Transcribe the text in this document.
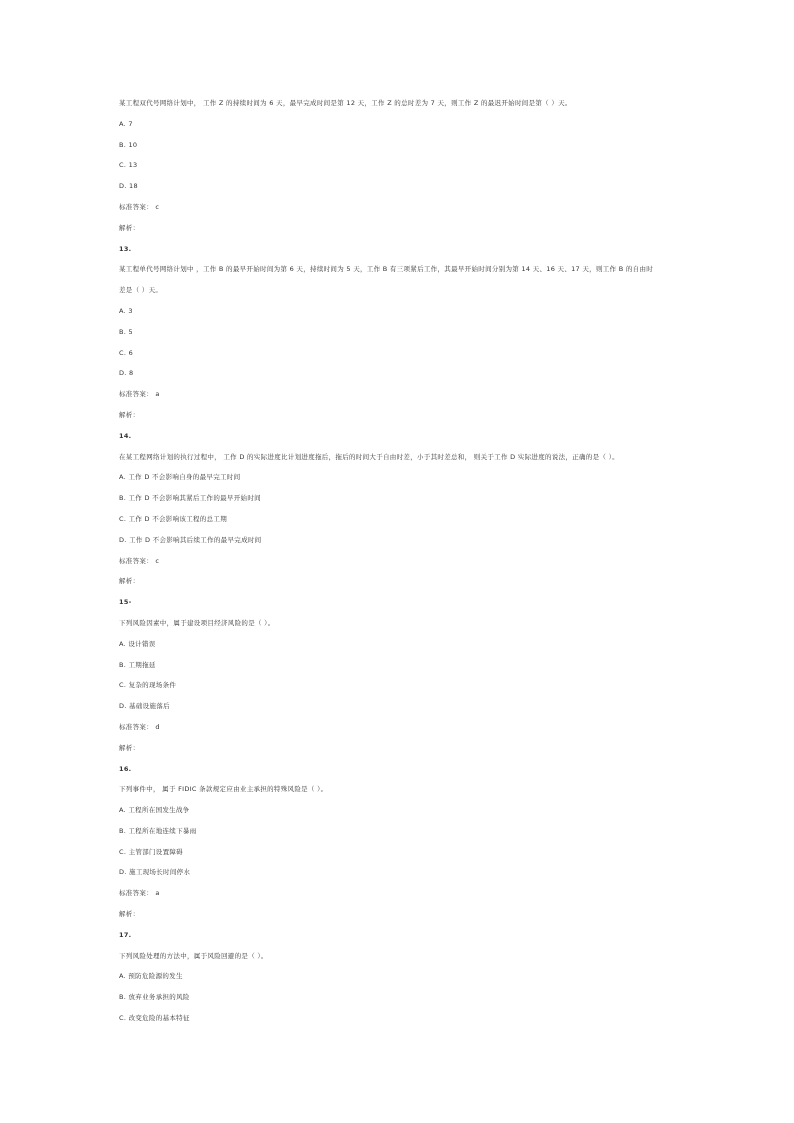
某工程双代号网络计划中， 工作 Z 的持续时间为 6 天，最早完成时间是第 12 天，工作 Z 的总时差为 7 天，则工作 Z 的最迟开始时间是第（ ）天。
A. 7
B. 10
C. 13
D. 18
标准答案： c
解析：
13.
某工程单代号网络计划中 ，工作 B 的最早开始时间为第 6 天，持续时间为 5 天，工作 B 有三项紧后工作，其最早开始时间分别为第 14 天、16 天、17 天，则工作 B 的自由时
差是（ ）天。
A. 3
B. 5
C. 6
D. 8
标准答案： a
解析：
14.
在某工程网络计划的执行过程中， 工作 D 的实际进度比计划进度拖后，拖后的时间大于自由时差，小于其时差总和， 则关于工作 D 实际进度的说法，正确的是（ ）。
A. 工作 D 不会影响自身的最早完工时间
B. 工作 D 不会影响其紧后工作的最早开始时间
C. 工作 D 不会影响该工程的总工期
D. 工作 D 不会影响其后续工作的最早完成时间
标准答案： c
解析：
15-
下列风险因素中，属于建设项目经济风险的是（ ）。
A. 设计错误
B. 工期拖延
C. 复杂的现场条件
D. 基础设施落后
标准答案： d
解析：
16.
下列事件中， 属于 FIDIC 条款规定应由业主承担的特殊风险是（ ）。
A. 工程所在国发生战争
B. 工程所在地连续下暴雨
C. 主管部门设置障碍
D. 施工现场长时间停水
标准答案： a
解析：
17.
下列风险处理的方法中，属于风险回避的是（ ）。
A. 预防危险源的发生
B. 放弃业务承担的风险
C. 改变危险的基本特征
